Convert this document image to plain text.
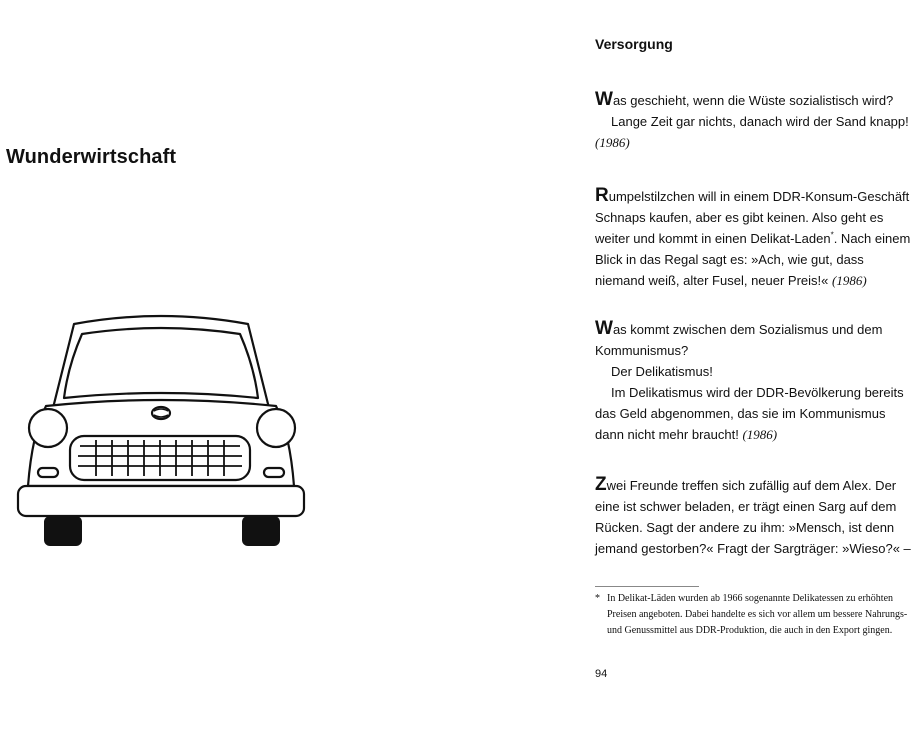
Wunderwirtschaft
Versorgung

Was geschieht, wenn die Wüste sozialistisch wird?

Lange Zeit gar nichts, danach wird der Sand knapp!

(1986)

Rumpelstilzchen will in einem DDR-Konsum-Geschäft Schnaps kaufen, aber es gibt keinen. Also geht es weiter und kommt in einen Delikat-Laden*. Nach einem Blick in das Regal sagt es: »Ach, wie gut, dass niemand weiß, alter Fusel, neuer Preis!« (1986)

Was kommt zwischen dem Sozialismus und dem Kommunismus?

Der Delikatismus!

Im Delikatismus wird der DDR-Bevölkerung bereits das Geld abgenommen, das sie im Kommunismus dann nicht mehr braucht! (1986)

Zwei Freunde treffen sich zufällig auf dem Alex. Der eine ist schwer beladen, er trägt einen Sarg auf dem Rücken. Sagt der andere zu ihm: »Mensch, ist denn jemand gestorben?« Fragt der Sargträger: »Wieso?« –

* In Delikat-Läden wurden ab 1966 sogenannte Delikatessen zu erhöhten Preisen angeboten. Dabei handelte es sich vor allem um bessere Nahrungs- und Genussmittel aus DDR-Produktion, die auch in den Export gingen.
94
